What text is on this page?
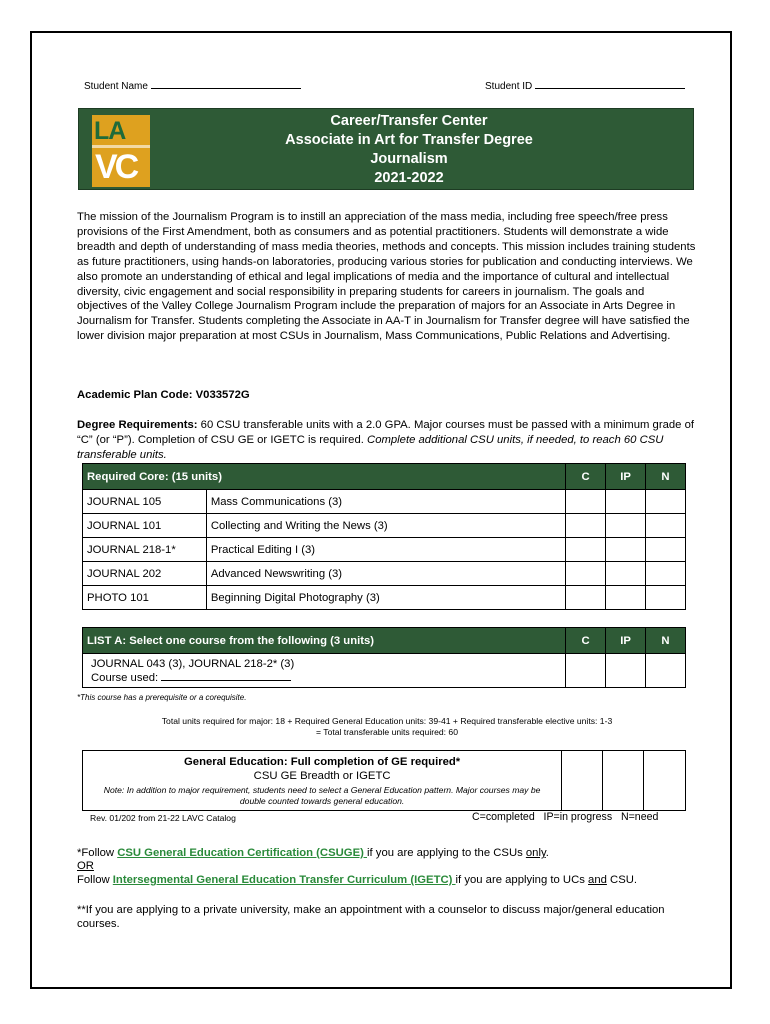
Student Name	Student ID
LA
VC
Career/Transfer Center
Associate in Art for Transfer Degree
Journalism
2021-2022
The mission of the Journalism Program is to instill an appreciation of the mass media, including free speech/free press provisions of the First Amendment, both as consumers and as potential practitioners. Students will demonstrate a wide breadth and depth of understanding of mass media theories, methods and concepts. This mission includes training students as future practitioners, using hands-on laboratories, producing various stories for publication and conducting interviews. We also promote an understanding of ethical and legal implications of media and the importance of cultural and intellectual diversity, civic engagement and social responsibility in preparing students for careers in journalism. The goals and objectives of the Valley College Journalism Program include the preparation of majors for an Associate in Arts Degree in Journalism for Transfer. Students completing the Associate in AA-T in Journalism for Transfer degree will have satisfied the lower division major preparation at most CSUs in Journalism, Mass Communications, Public Relations and Advertising.
Academic Plan Code: V033572G
Degree Requirements: 60 CSU transferable units with a 2.0 GPA. Major courses must be passed with a minimum grade of “C” (or “P”). Completion of CSU GE or IGETC is required. Complete additional CSU units, if needed, to reach 60 CSU transferable units.
Required Core: (15 units)		C	IP	N
JOURNAL 105	Mass Communications (3)			
JOURNAL 101	Collecting and Writing the News (3)			
JOURNAL 218-1*	Practical Editing I (3)			
JOURNAL 202	Advanced Newswriting (3)			
PHOTO 101	Beginning Digital Photography (3)			
LIST A: Select one course from the following (3 units)	C	IP	N

JOURNAL 043 (3), JOURNAL 218-2* (3)
Course used:			

*This course has a prerequisite or a corequisite.
Total units required for major: 18 + Required General Education units: 39-41 + Required transferable elective units: 1-3
= Total transferable units required: 60
General Education: Full completion of GE required*
CSU GE Breadth or IGETC
Note: In addition to major requirement, students need to select a General Education pattern. Major courses may be double counted towards general education.

Rev. 01/202 from 21-22 LAVC Catalog	C=completed   IP=in progress   N=need
*Follow CSU General Education Certification (CSUGE) if you are applying to the CSUs only.
OR
Follow Intersegmental General Education Transfer Curriculum (IGETC) if you are applying to UCs and CSU.
**If you are applying to a private university, make an appointment with a counselor to discuss major/general education courses.
